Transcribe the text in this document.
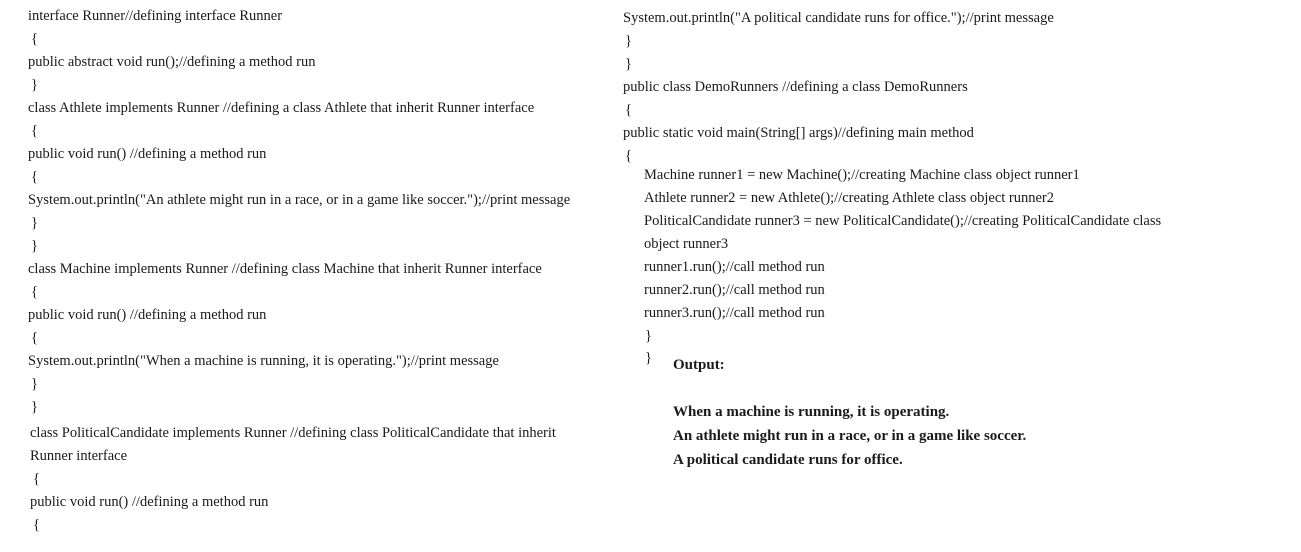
interface Runner//defining interface Runner
{
public abstract void run();//defining a method run
}
class Athlete implements Runner //defining a class Athlete that inherit Runner interface
{
public void run() //defining a method run
{
System.out.println("An athlete might run in a race, or in a game like soccer.");//print message
}
}
class Machine implements Runner //defining class Machine that inherit Runner interface
{
public void run() //defining a method run
{
System.out.println("When a machine is running, it is operating.");//print message
}
}
class PoliticalCandidate implements Runner //defining class PoliticalCandidate that inherit
Runner interface
{
public void run() //defining a method run
{
System.out.println("A political candidate runs for office.");//print message
}
}
public class DemoRunners //defining a class DemoRunners
{
public static void main(String[] args)//defining main method
{
Machine runner1 = new Machine();//creating Machine class object runner1
Athlete runner2 = new Athlete();//creating Athlete class object runner2
PoliticalCandidate runner3 = new PoliticalCandidate();//creating PoliticalCandidate class
object runner3
runner1.run();//call method run
runner2.run();//call method run
runner3.run();//call method run
}
} Output:
When a machine is running, it is operating.
An athlete might run in a race, or in a game like soccer.
A political candidate runs for office.
